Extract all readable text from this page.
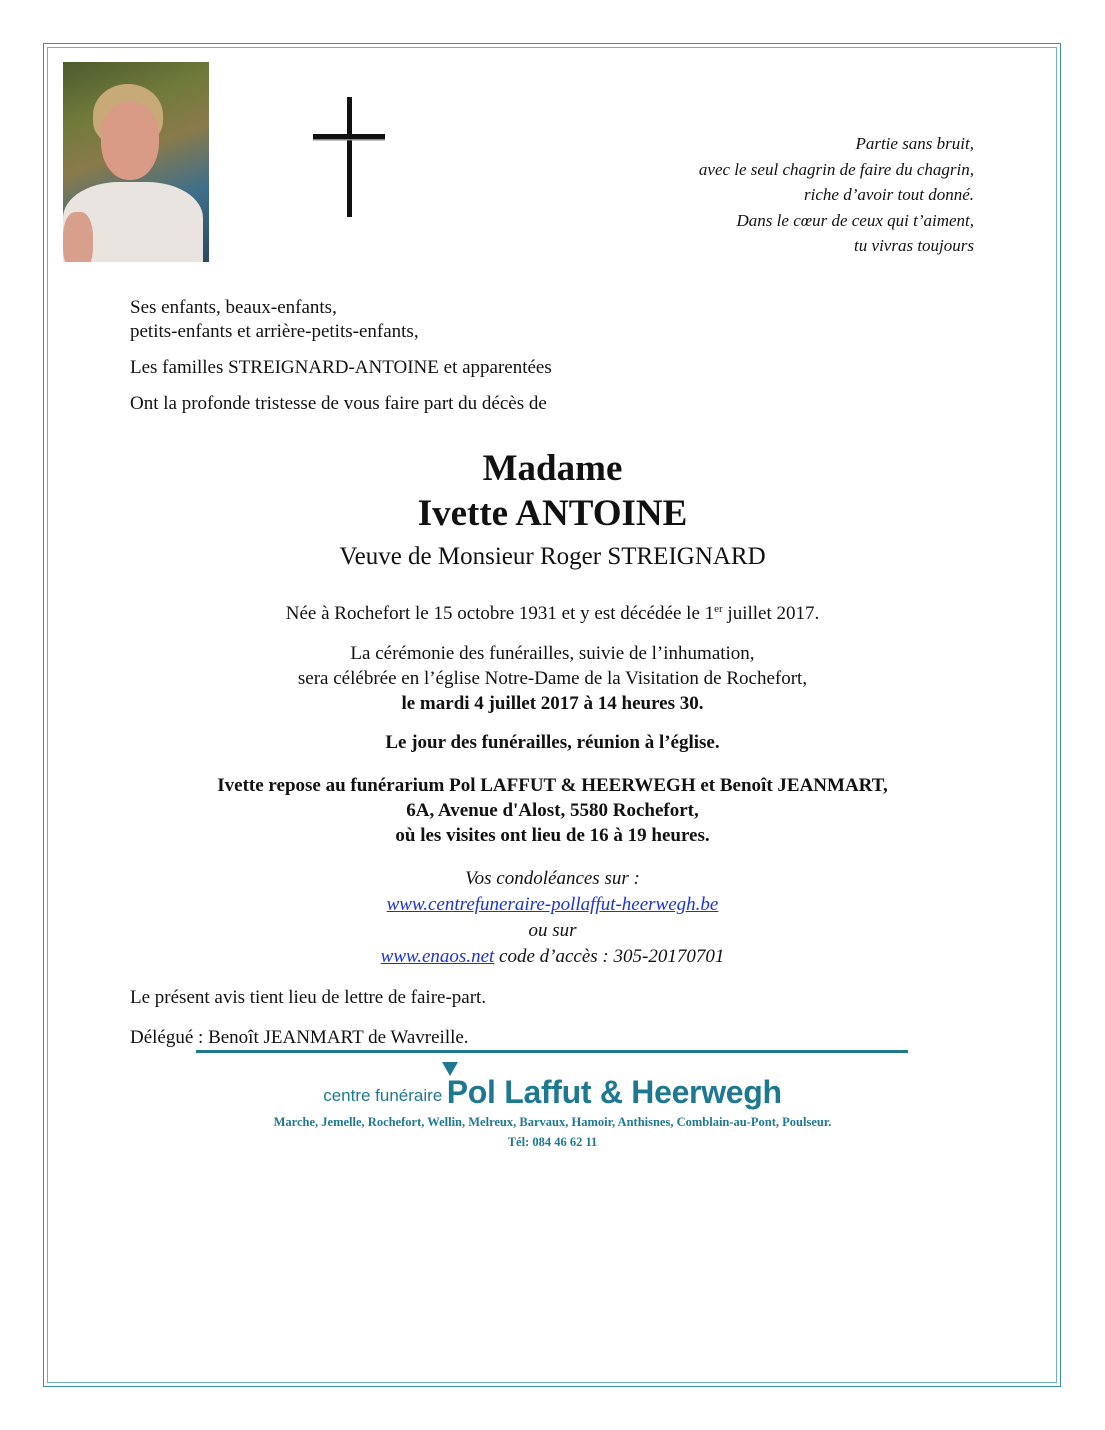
Partie sans bruit,
avec le seul chagrin de faire du chagrin,
riche d’avoir tout donné.
Dans le cœur de ceux qui t’aiment,
tu vivras toujours

Ses enfants, beaux-enfants,
petits-enfants et arrière-petits-enfants,

Les familles STREIGNARD-ANTOINE et apparentées

Ont la profonde tristesse de vous faire part du décès de

Madame
Ivette ANTOINE
Veuve de Monsieur Roger STREIGNARD
Née à Rochefort le 15 octobre 1931 et y est décédée le 1er juillet 2017.
La cérémonie des funérailles, suivie de l’inhumation,
sera célébrée en l’église Notre-Dame de la Visitation de Rochefort,
le mardi 4 juillet 2017 à 14 heures 30.
Le jour des funérailles, réunion à l’église.
Ivette repose au funérarium Pol LAFFUT & HEERWEGH et Benoît JEANMART,
6A, Avenue d'Alost, 5580 Rochefort,
où les visites ont lieu de 16 à 19 heures.
Vos condoléances sur :
www.centrefuneraire-pollaffut-heerwegh.be
ou sur
www.enaos.net code d’accès : 305-20170701
Le présent avis tient lieu de lettre de faire-part.
Délégué : Benoît JEANMART de Wavreille.
centre funéraire Pol Laffut & Heerwegh
Marche, Jemelle, Rochefort, Wellin, Melreux, Barvaux, Hamoir, Anthisnes, Comblain-au-Pont, Poulseur.
Tél: 084 46 62 11
